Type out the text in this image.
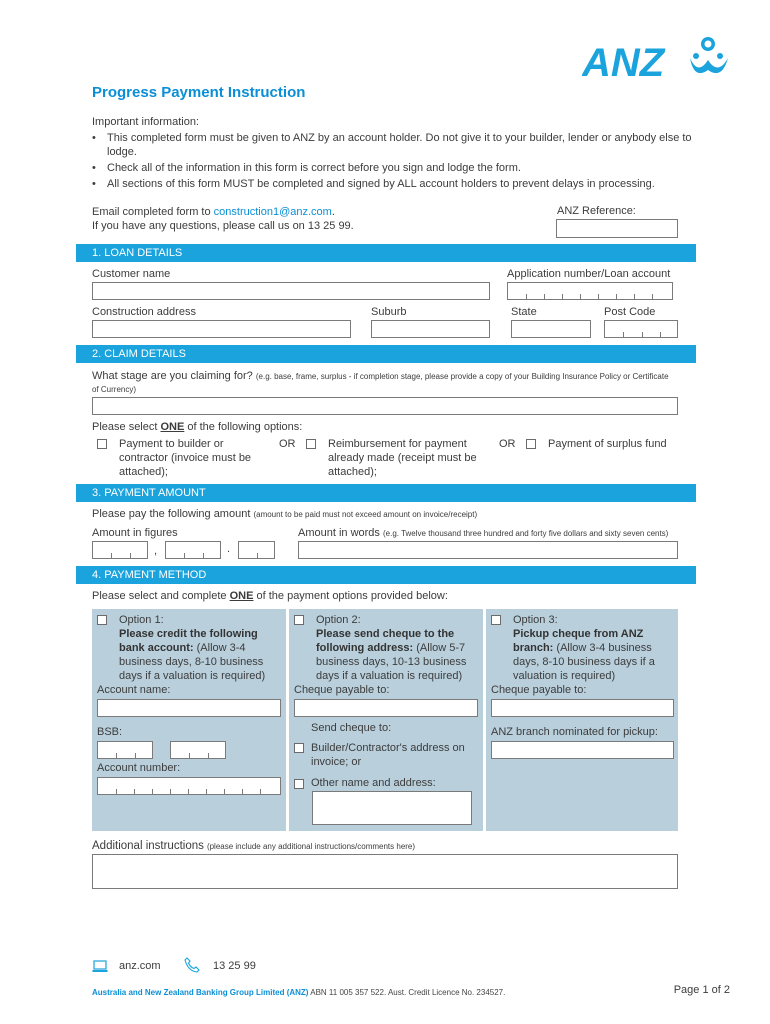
ANZ
Progress Payment Instruction
Important information:
• This completed form must be given to ANZ by an account holder. Do not give it to your builder, lender or anybody else to lodge.
• Check all of the information in this form is correct before you sign and lodge the form.
• All sections of this form MUST be completed and signed by ALL account holders to prevent delays in processing.
Email completed form to construction1@anz.com.
If you have any questions, please call us on 13 25 99.
ANZ Reference:
1. LOAN DETAILS
Customer name	Application number/Loan account
Construction address	Suburb	State	Post Code
2. CLAIM DETAILS
What stage are you claiming for? (e.g. base, frame, surplus - if completion stage, please provide a copy of your Building Insurance Policy or Certificate
of Currency)
Please select ONE of the following options:
Payment to builder or contractor (invoice must be attached);
OR	Reimbursement for payment already made (receipt must be attached);
OR	Payment of surplus fund
3. PAYMENT AMOUNT
Please pay the following amount (amount to be paid must not exceed amount on invoice/receipt)
Amount in figures
,	.
Amount in words (e.g. Twelve thousand three hundred and forty five dollars and sixty seven cents)
4. PAYMENT METHOD
Please select and complete ONE of the payment options provided below:
Option 1:
Please credit the following bank account: (Allow 3-4 business days, 8-10 business days if a valuation is required)
Account name:
BSB:
Account number:
Option 2:
Please send cheque to the following address: (Allow 5-7 business days, 10-13 business days if a valuation is required)
Cheque payable to:
Send cheque to:
Builder/Contractor's address on invoice; or
Other name and address:
Option 3:
Pickup cheque from ANZ branch: (Allow 3-4 business days, 8-10 business days if a valuation is required)
Cheque payable to:
ANZ branch nominated for pickup:
Additional instructions (please include any additional instructions/comments here)
anz.com	13 25 99
Australia and New Zealand Banking Group Limited (ANZ) ABN 11 005 357 522. Aust. Credit Licence No. 234527.	Page 1 of 2
